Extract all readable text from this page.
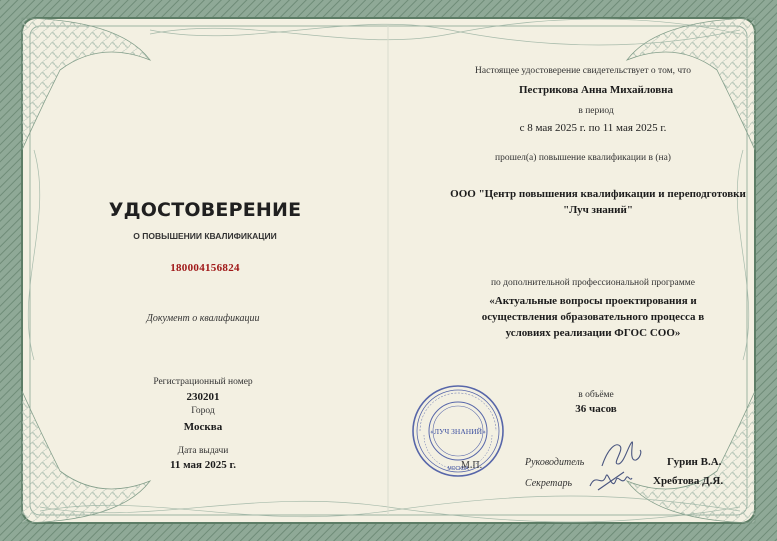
УДОСТОВЕРЕНИЕ
О ПОВЫШЕНИИ КВАЛИФИКАЦИИ
180004156824
Документ о квалификации
Регистрационный номер
230201
Город
Москва
Дата выдачи
11 мая 2025 г.
Настоящее удостоверение свидетельствует о том, что
Пестрикова Анна Михайловна
в период
с 8 мая 2025 г. по 11 мая 2025 г.
прошел(а) повышение квалификации в (на)
ООО "Центр повышения квалификации и переподготовки
"Луч знаний"
по дополнительной профессиональной программе
«Актуальные вопросы проектирования и
осуществления образовательного процесса в
условиях реализации ФГОС СОО»
в объёме
36 часов
Руководитель	Гурин В.А.
Секретарь	Хребтова Д.Я.
«ЛУЧ ЗНАНИЙ»
МОСКВА
М.П.
